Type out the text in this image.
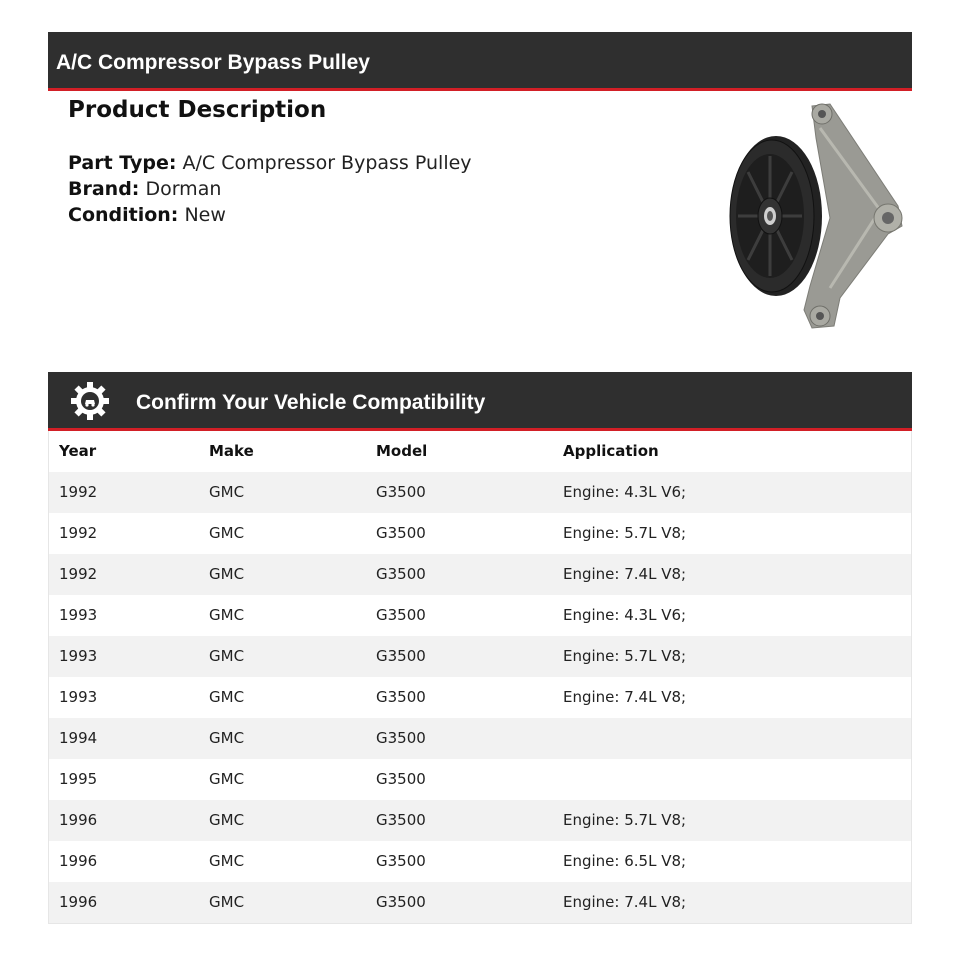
A/C Compressor Bypass Pulley
Product Description
Part Type: A/C Compressor Bypass Pulley
Brand: Dorman
Condition: New
Confirm Your Vehicle Compatibility
Year	Make	Model	Application
1992	GMC	G3500	Engine: 4.3L V6;
1992	GMC	G3500	Engine: 5.7L V8;
1992	GMC	G3500	Engine: 7.4L V8;
1993	GMC	G3500	Engine: 4.3L V6;
1993	GMC	G3500	Engine: 5.7L V8;
1993	GMC	G3500	Engine: 7.4L V8;
1994	GMC	G3500
1995	GMC	G3500
1996	GMC	G3500	Engine: 5.7L V8;
1996	GMC	G3500	Engine: 6.5L V8;
1996	GMC	G3500	Engine: 7.4L V8;
